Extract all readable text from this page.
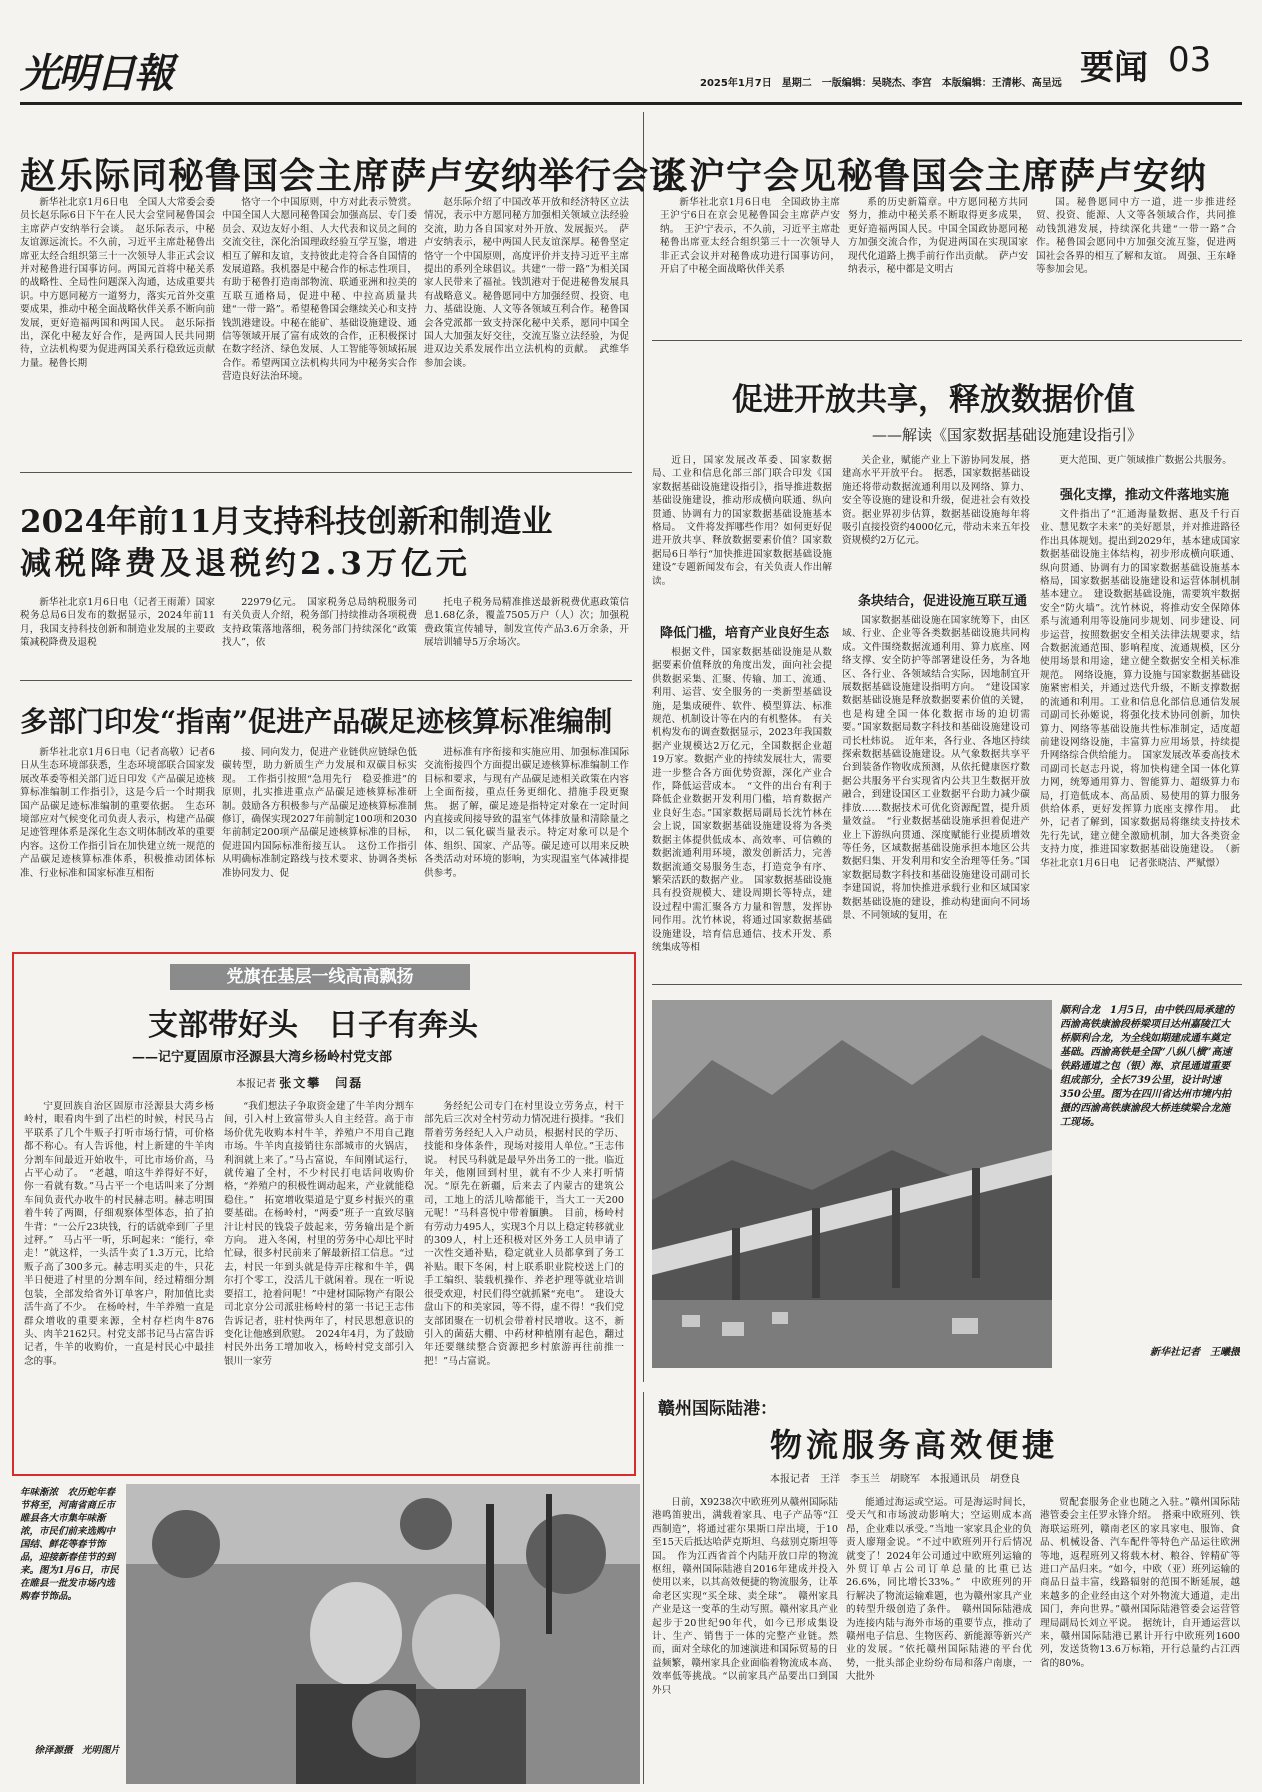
光明日報	2025年1月7日　星期二　一版编辑：吴晓杰、李宫　本版编辑：王清彬、高呈远 要闻 03
赵乐际同秘鲁国会主席萨卢安纳举行会谈

新华社北京1月6日电　全国人大常委会委员长赵乐际6日下午在人民大会堂同秘鲁国会主席萨卢安纳举行会谈。　赵乐际表示，中秘友谊源远流长。不久前，习近平主席赴秘鲁出席亚太经合组织第三十一次领导人非正式会议并对秘鲁进行国事访问。两国元首将中秘关系的战略性、全局性问题深入沟通，达成重要共识。中方愿同秘方一道努力，落实元首外交重要成果，推动中秘全面战略伙伴关系不断向前发展，更好造福两国和两国人民。　赵乐际指出，深化中秘友好合作，是两国人民共同期待，立法机构要为促进两国关系行稳致远贡献力量。秘鲁长期

恪守一个中国原则，中方对此表示赞赏。中国全国人大愿同秘鲁国会加强高层、专门委员会、双边友好小组、人大代表和议员之间的交流交往，深化治国理政经验互学互鉴，增进相互了解和友谊，支持彼此走符合各自国情的发展道路。我机器是中秘合作的标志性项目，有助于秘鲁打造南部物流、联通亚洲和拉美的互联互通格局，促进中秘、中拉高质量共建“一带一路”。希望秘鲁国会继续关心和支持钱凯港建设。中秘在能矿、基础设施建设、通信等领域开展了富有成效的合作，正积极探讨在数字经济、绿色发展、人工智能等领域拓展合作。希望两国立法机构共同为中秘务实合作营造良好法治环境。

赵乐际介绍了中国改革开放和经济特区立法情况，表示中方愿同秘方加强相关领域立法经验交流，助力各自国家对外开放、发展振兴。　萨卢安纳表示，秘中两国人民友谊深厚。秘鲁坚定恪守一个中国原则，高度评价并支持习近平主席提出的系列全球倡议。共建“一带一路”为相关国家人民带来了福祉。钱凯港对于促进秘鲁发展具有战略意义。秘鲁愿同中方加强经贸、投资、电力、基础设施、人文等各领域互利合作。秘鲁国会各党派都一致支持深化秘中关系，愿同中国全国人大加强友好交往，交流互鉴立法经验，为促进双边关系发展作出立法机构的贡献。　武维华参加会谈。

王沪宁会见秘鲁国会主席萨卢安纳

新华社北京1月6日电　全国政协主席王沪宁6日在京会见秘鲁国会主席萨卢安纳。　王沪宁表示，不久前，习近平主席赴秘鲁出席亚太经合组织第三十一次领导人非正式会议并对秘鲁成功进行国事访问，开启了中秘全面战略伙伴关系

系的历史新篇章。中方愿同秘方共同努力，推动中秘关系不断取得更多成果，更好造福两国人民。中国全国政协愿同秘方加强交流合作，为促进两国在实现国家现代化道路上携手前行作出贡献。　萨卢安纳表示，秘中都是文明古

国。秘鲁愿同中方一道，进一步推进经贸、投资、能源、人文等各领域合作，共同推动钱凯港发展，持续深化共建“一带一路”合作。秘鲁国会愿同中方加强交流互鉴，促进两国社会各界的相互了解和友谊。　周强、王东峰等参加会见。

2024年前11月支持科技创新和制造业
减税降费及退税约2.3万亿元

新华社北京1月6日电（记者王雨萧）国家税务总局6日发布的数据显示，2024年前11月，我国支持科技创新和制造业发展的主要政策减税降费及退税

22979亿元。　国家税务总局纳税服务司有关负责人介绍，税务部门持续推动各项税费支持政策落地落细，税务部门持续深化“政策找人”，依

托电子税务局精准推送最新税费优惠政策信息1.68亿条，覆盖7505万户（人）次；加强税费政策宣传辅导，制发宣传产品3.6万余条，开展培训辅导5万余场次。

多部门印发“指南”促进产品碳足迹核算标准编制

新华社北京1月6日电（记者高敬）记者6日从生态环境部获悉，生态环境部联合国家发展改革委等相关部门近日印发《产品碳足迹核算标准编制工作指引》，这是今后一个时期我国产品碳足迹标准编制的重要依据。　生态环境部应对气候变化司负责人表示，构建产品碳足迹管理体系是深化生态文明体制改革的重要内容。这份工作指引旨在加快建立统一规范的产品碳足迹核算标准体系，积极推动团体标准、行业标准和国家标准互相衔

接、同向发力，促进产业链供应链绿色低碳转型，助力新质生产力发展和双碳目标实现。　工作指引按照“急用先行　稳妥推进”的原则，扎实推进重点产品碳足迹核算标准研制。鼓励各方积极参与产品碳足迹核算标准制修订，确保实现2027年前制定100项和2030年前制定200项产品碳足迹核算标准的目标，促进国内国际标准衔接互认。　这份工作指引从明确标准制定路线与技术要求、协调各类标准协同发力、促

进标准有序衔接和实施应用、加强标准国际交流衔接四个方面提出碳足迹核算标准编制工作目标和要求，与现有产品碳足迹相关政策在内容上全面衔接，重点任务更细化、措施手段更聚焦。　据了解，碳足迹是指特定对象在一定时间内直接或间接导致的温室气体排放量和清除量之和，以二氧化碳当量表示。特定对象可以是个体、组织、国家、产品等。碳足迹可以用来反映各类活动对环境的影响，为实现温室气体减排提供参考。

促进开放共享，释放数据价值
——解读《国家数据基础设施建设指引》

近日，国家发展改革委、国家数据局、工业和信息化部三部门联合印发《国家数据基础设施建设指引》，指导推进数据基础设施建设，推动形成横向联通、纵向贯通、协调有力的国家数据基础设施基本格局。　文件将发挥哪些作用？如何更好促进开放共享、释放数据要素价值？国家数据局6日举行“加快推进国家数据基础设施建设”专题新闻发布会，有关负责人作出解读。

降低门槛，培育产业良好生态

根据文件，国家数据基础设施是从数据要素价值释放的角度出发，面向社会提供数据采集、汇聚、传输、加工、流通、利用、运营、安全服务的一类新型基础设施，是集成硬件、软件、模型算法、标准规范、机制设计等在内的有机整体。　有关机构发布的调查数据显示，2023年我国数据产业规模达2万亿元，全国数据企业超19万家。数据产业的持续发展壮大，需要进一步整合各方面优势资源，深化产业合作，降低运营成本。　“文件的出台有利于降低企业数据开发利用门槛，培育数据产业良好生态。”国家数据局副局长沈竹林在会上说，国家数据基础设施建设将为各类数据主体提供低成本、高效率、可信赖的数据流通利用环境，激发创新活力，完善数据流通交易服务生态，打造竞争有序、繁荣活跃的数据产业。　国家数据基础设施具有投资规模大、建设周期长等特点，建设过程中需汇聚各方力量和智慧，发挥协同作用。沈竹林说，将通过国家数据基础设施建设，培育信息通信、技术开发、系统集成等相

关企业，赋能产业上下游协同发展，搭建高水平开放平台。　据悉，国家数据基础设施还将带动数据流通利用以及网络、算力、安全等设施的建设和升级，促进社会有效投资。据业界初步估算，数据基础设施每年将吸引直接投资约4000亿元，带动未来五年投资规模约2万亿元。

条块结合，促进设施互联互通

国家数据基础设施在国家统筹下，由区域、行业、企业等各类数据基础设施共同构成。文件围绕数据流通利用、算力底座、网络支撑、安全防护等部署建设任务，为各地区、各行业、各领域结合实际，因地制宜开展数据基础设施建设指明方向。　“建设国家数据基础设施是释放数据要素价值的关键，也是构建全国一体化数据市场的迫切需要。”国家数据局数字科技和基础设施建设司司长杜炜说。　近年来，各行业、各地区持续探索数据基础设施建设。从气象数据共享平台到装备作物收成预测，从依托健康医疗数据公共服务平台实现省内公共卫生数据开放融合，到建设国区工业数据平台助力减少碳排放……数据技术可优化资源配置，提升质量效益。　“行业数据基础设施承担着促进产业上下游纵向贯通、深度赋能行业提质增效等任务，区域数据基础设施承担本地区公共数据归集、开发利用和安全治理等任务。”国家数据局数字科技和基础设施建设司副司长李建国说，将加快推进承载行业和区域国家数据基础设施的建设，推动构建面向不同场景、不同领域的复用，在

更大范围、更广领域推广数据公共服务。

强化支撑，推动文件落地实施

文件指出了“汇通海量数据、惠及千行百业、慧见数字未来”的美好愿景，并对推进路径作出具体规划。提出到2029年，基本建成国家数据基础设施主体结构，初步形成横向联通、纵向贯通、协调有力的国家数据基础设施基本格局，国家数据基础设施建设和运营体制机制基本建立。　建设数据基础设施，需要筑牢数据安全“防火墙”。沈竹林说，将推动安全保障体系与流通利用等设施同步规划、同步建设、同步运营，按照数据安全相关法律法规要求，结合数据流通范围、影响程度、流通规模，区分使用场景和用途，建立健全数据安全相关标准规范。　网络设施，算力设施与国家数据基础设施紧密相关，并通过迭代升级，不断支撑数据的流通和利用。工业和信息化部信息通信发展司副司长孙姬说，将强化技术协同创新，加快算力、网络等基础设施共性标准制定，适度超前建设网络设施，丰富算力应用场景，持续提升网络综合供给能力。　国家发展改革委高技术司副司长赵志丹说，将加快构建全国一体化算力网，统筹通用算力、智能算力、超级算力布局，打造低成本、高品质、易使用的算力服务供给体系，更好发挥算力底座支撑作用。　此外，记者了解到，国家数据局将继续支持技术先行先试，建立健全激励机制，加大各类资金支持力度，推进国家数据基础设施建设。　（新华社北京1月6日电　记者张晓洁、严赋憬）

顺利合龙　1月5日，由中铁四局承建的西渝高铁康渝段桥梁项目达州嘉陵江大桥顺利合龙，为全线如期建成通车奠定基础。西渝高铁是全国“八纵八横”高速铁路通道之包（银）海、京昆通道重要组成部分，全长739公里，设计时速350公里。图为在四川省达州市境内拍摄的西渝高铁康渝段大桥连续梁合龙施工现场。
新华社记者　王曦摄
党旗在基层一线高高飘扬
支部带好头　日子有奔头
——记宁夏固原市泾源县大湾乡杨岭村党支部
本报记者 张文攀　闫磊

宁夏回族自治区固原市泾源县大湾乡杨岭村，眼看肉牛到了出栏的时候，村民马占平联系了几个牛贩子打听市场行情，可价格都不称心。有人告诉他，村上新建的牛羊肉分割车间最近开始收牛，可比市场价高，马占平心动了。　“老越，咱这牛养得好不好，你一看就有数。”马占平一个电话叫来了分割车间负责代办收牛的村民赫志明。赫志明围着牛转了两圈，仔细观察体型体态，拍了拍牛背：“一公斤23块钱，行的话就牵到厂子里过秤。”　马占平一听，乐呵起来：“能行，牵走！”就这样，一头活牛卖了1.3万元，比给贩子高了300多元。赫志明买走的牛，只花半日便进了村里的分割车间，经过精细分割包装，全部发给省外订单客户，附加值比卖活牛高了不少。　在杨岭村，牛羊养殖一直是群众增收的重要来源，全村存栏肉牛876头、肉羊2162只。村党支部书记马占富告诉记者，牛羊的收购价，一直是村民心中最挂念的事。

“我们想法子争取资金建了牛羊肉分割车间，引入村上致富带头人自主经营。高于市场价优先收购本村牛羊，养殖户不用自己跑市场。牛羊肉直接销往东部城市的火锅店，利润就上来了。”马占富说，车间刚试运行，就传遍了全村，不少村民打电话问收购价格，“养殖户的积极性调动起来，产业就能稳稳住。”　拓宽增收渠道是宁夏乡村振兴的重要基础。在杨岭村，“两委”班子一直致尽脑汁让村民的钱袋子鼓起来，劳务输出是个新方向。　进入冬闲，村里的劳务中心却比平时忙碌，很多村民前来了解最新招工信息。“过去，村民一年到头就是侍弄庄稼和牛羊，偶尔打个零工，没活儿干就闲着。现在一听说要招工，抢着问呢！”中建材国际物产有限公司北京分公司派驻杨岭村的第一书记王志伟告诉记者，驻村快两年了，村民思想意识的变化让他感到欣慰。　2024年4月，为了鼓励村民外出务工增加收入，杨岭村党支部引入银川一家劳

务经纪公司专门在村里设立劳务点，村干部先后三次对全村劳动力情况进行摸排。“我们帮着劳务经纪人入户动员，根据村民的学历、技能和身体条件，现场对接用人单位。”王志伟说。　村民马科就是最早外出务工的一批。临近年关，他刚回到村里，就有不少人来打听情况。“原先在新疆，后来去了内蒙古的建筑公司，工地上的活儿啥都能干，当大工一天200元呢！”马科喜悦中带着腼腆。　目前，杨岭村有劳动力495人，实现3个月以上稳定转移就业的309人，村上还积极对区外务工人员申请了一次性交通补贴，稳定就业人员都拿到了务工补贴。眼下冬闲，村上联系职业院校送上门的手工编织、装载机操作、养老护理等就业培训很受欢迎，村民们得空就抓紧“充电”。　建设大盘山下的和美家园，等不得，虚不得！“我们党支部团聚在一切机会带着村民增收。这不，新引入的菌菇大棚、中药材种植刚有起色，翻过年还要继续整合资源把乡村旅游再往前推一把！”马占富说。

年味渐浓　农历蛇年春节将至，河南省商丘市睢县各大市集年味渐浓，市民们前来选购中国结、鲜花等春节饰品，迎接新春佳节的到来。图为1月6日，市民在睢县一批发市场内选购春节饰品。
徐泽源摄　光明图片
赣州国际陆港：
物流服务高效便捷
本报记者　王洋　李玉兰　胡晓军　本报通讯员　胡登良

日前，X9238次中欧班列从赣州国际陆港鸣笛驶出，满载着家具、电子产品等“江西制造”，将通过霍尔果斯口岸出境，于10至15天后抵达哈萨克斯坦、乌兹别克斯坦等国。　作为江西省首个内陆开放口岸的物流枢纽，赣州国际陆港自2016年建成并投入使用以来，以其高效便捷的物流服务，让革命老区实现“买全球、卖全球”。　赣州家具产业是这一变革的生动写照。赣州家具产业起步于20世纪90年代，如今已形成集设计、生产、销售于一体的完整产业链。然而，面对全球化的加速演进和国际贸易的日益频繁，赣州家具企业面临着物流成本高、效率低等挑战。“以前家具产品要出口到国外只

能通过海运或空运。可是海运时间长，受天气和市场波动影响大；空运则成本高昂，企业难以承受。”当地一家家具企业的负责人廖翔金说。“不过中欧班列开行后情况就变了！2024年公司通过中欧班列运输的外贸订单占公司订单总量的比重已达26.6%，同比增长33%。”　中欧班列的开行解决了物流运输难题，也为赣州家具产业的转型升级创造了条件。　赣州国际陆港成为连接内陆与海外市场的重要节点，推动了赣州电子信息、生物医药、新能源等新兴产业的发展。“依托赣州国际陆港的平台优势，一批头部企业纷纷布局和落户南康，一大批外

贸配套服务企业也随之入驻。”赣州国际陆港管委会主任罗永锋介绍。　搭乘中欧班列、铁海联运班列，赣南老区的家具家电、服饰、食品、机械设备、汽车配件等特色产品运往欧洲等地，返程班列又将载木材、粮谷、锌精矿等进口产品归来。“如今，中欧（亚）班列运输的商品日益丰富，线路辐射的范围不断延展，越来越多的企业经由这个对外物流大通道，走出国门，奔向世界。”赣州国际陆港管委会运营管理局副局长刘立平说。　据统计，自开通运营以来，赣州国际陆港已累计开行中欧班列1600列，发送货物13.6万标箱，开行总量约占江西省的80%。
